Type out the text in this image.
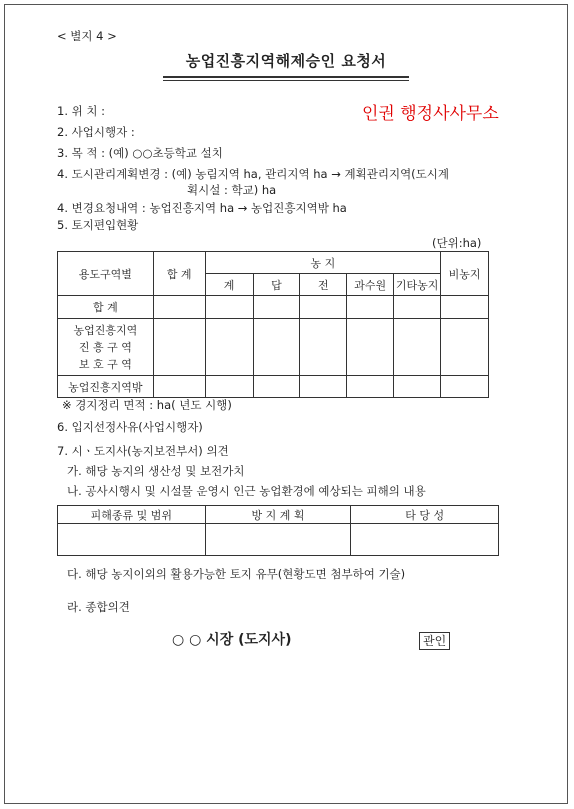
< 별지 4 >
농업진흥지역해제승인 요청서
인권 행정사사무소
1. 위 치 :
2. 사업시행자 :
3. 목 적 : (예) ○○초등학교 설치
4. 도시관리계획변경 : (예) 농림지역 ha, 관리지역 ha → 계획관리지역(도시계
획시설 : 학교) ha
4. 변경요청내역 : 농업진흥지역 ha → 농업진흥지역밖 ha
5. 토지편입현황
(단위:ha)
용도구역별	합 계	농 지					비농지
		계	답	전	과수원	기타농지	
합 계							

농업진흥지역
진 흥 구 역
보 호 구 역							

농업진흥지역밖							
※ 경지정리 면적 : ha( 년도 시행)
6. 입지선정사유(사업시행자)
7. 시ㆍ도지사(농지보전부서) 의견
가. 해당 농지의 생산성 및 보전가치
나. 공사시행시 및 시설물 운영시 인근 농업환경에 예상되는 피해의 내용
피해종류 및 범위	방 지 계 획	타 당 성

다. 해당 농지이외의 활용가능한 토지 유무(현황도면 첨부하여 기술)
라. 종합의견
○ ○ 시장 (도지사)	관인
